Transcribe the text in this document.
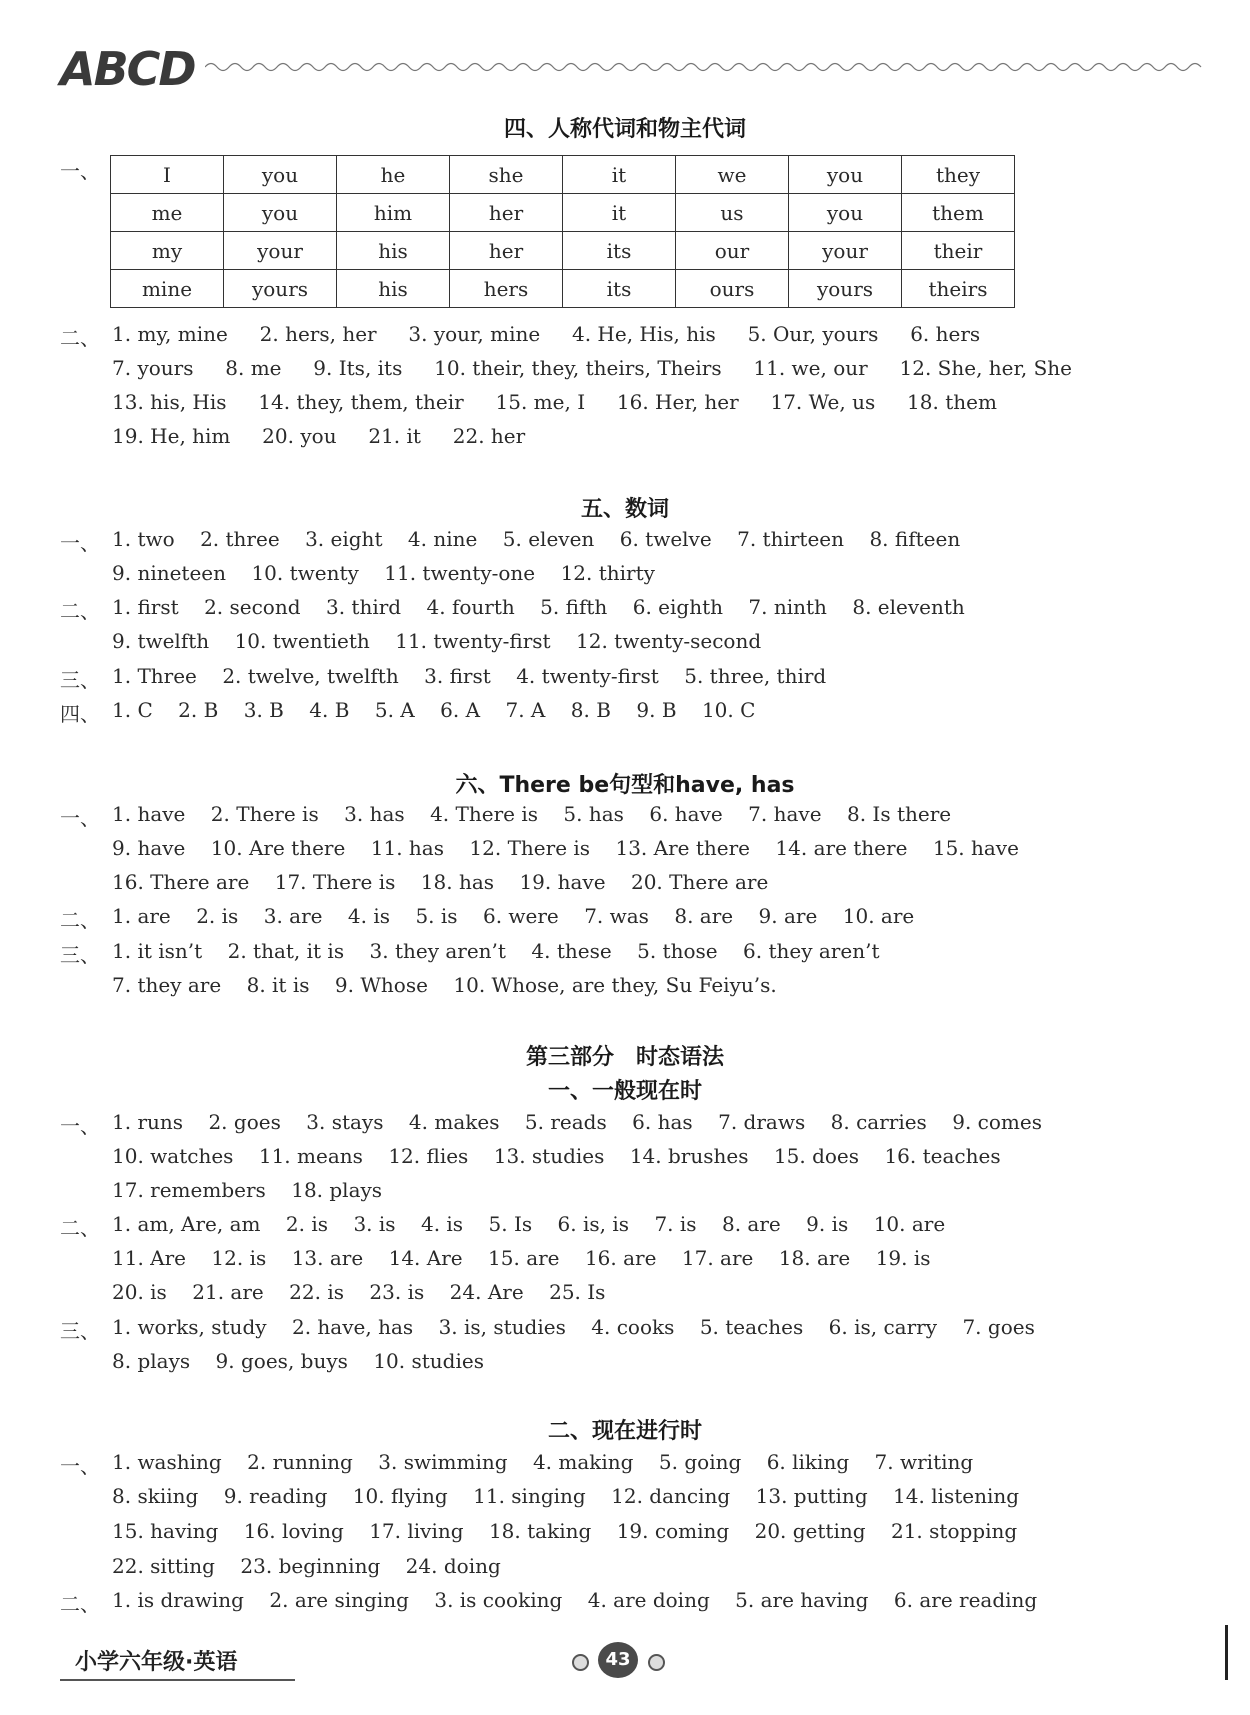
ABCD
四、人称代词和物主代词
一、	I	you	he	she	it	we	you	they
me	you	him	her	it	us	you	them
my	your	his	her	its	our	your	their
mine	yours	his	hers	its	ours	yours	theirs
二、 1. my, mine     2. hers, her     3. your, mine     4. He, His, his     5. Our, yours     6. hers
7. yours     8. me     9. Its, its     10. their, they, theirs, Theirs     11. we, our     12. She, her, She
13. his, His     14. they, them, their     15. me, I     16. Her, her     17. We, us     18. them
19. He, him     20. you     21. it     22. her
五、数词
一、 1. two    2. three    3. eight    4. nine    5. eleven    6. twelve    7. thirteen    8. fifteen
9. nineteen    10. twenty    11. twenty-one    12. thirty
二、 1. first    2. second    3. third    4. fourth    5. fifth    6. eighth    7. ninth    8. eleventh
9. twelfth    10. twentieth    11. twenty-first    12. twenty-second
三、 1. Three    2. twelve, twelfth    3. first    4. twenty-first    5. three, third
四、 1. C    2. B    3. B    4. B    5. A    6. A    7. A    8. B    9. B    10. C
六、There be句型和have, has
一、 1. have    2. There is    3. has    4. There is    5. has    6. have    7. have    8. Is there
9. have    10. Are there    11. has    12. There is    13. Are there    14. are there    15. have
16. There are    17. There is    18. has    19. have    20. There are
二、 1. are    2. is    3. are    4. is    5. is    6. were    7. was    8. are    9. are    10. are
三、 1. it isn’t    2. that, it is    3. they aren’t    4. these    5. those    6. they aren’t
7. they are    8. it is    9. Whose    10. Whose, are they, Su Feiyu’s.
第三部分　时态语法
一、一般现在时
一、 1. runs    2. goes    3. stays    4. makes    5. reads    6. has    7. draws    8. carries    9. comes
10. watches    11. means    12. flies    13. studies    14. brushes    15. does    16. teaches
17. remembers    18. plays
二、 1. am, Are, am    2. is    3. is    4. is    5. Is    6. is, is    7. is    8. are    9. is    10. are
11. Are    12. is    13. are    14. Are    15. are    16. are    17. are    18. are    19. is
20. is    21. are    22. is    23. is    24. Are    25. Is
三、 1. works, study    2. have, has    3. is, studies    4. cooks    5. teaches    6. is, carry    7. goes
8. plays    9. goes, buys    10. studies
二、现在进行时
一、 1. washing    2. running    3. swimming    4. making    5. going    6. liking    7. writing
8. skiing    9. reading    10. flying    11. singing    12. dancing    13. putting    14. listening
15. having    16. loving    17. living    18. taking    19. coming    20. getting    21. stopping
22. sitting    23. beginning    24. doing
二、 1. is drawing    2. are singing    3. is cooking    4. are doing    5. are having    6. are reading
小学六年级·英语	43
